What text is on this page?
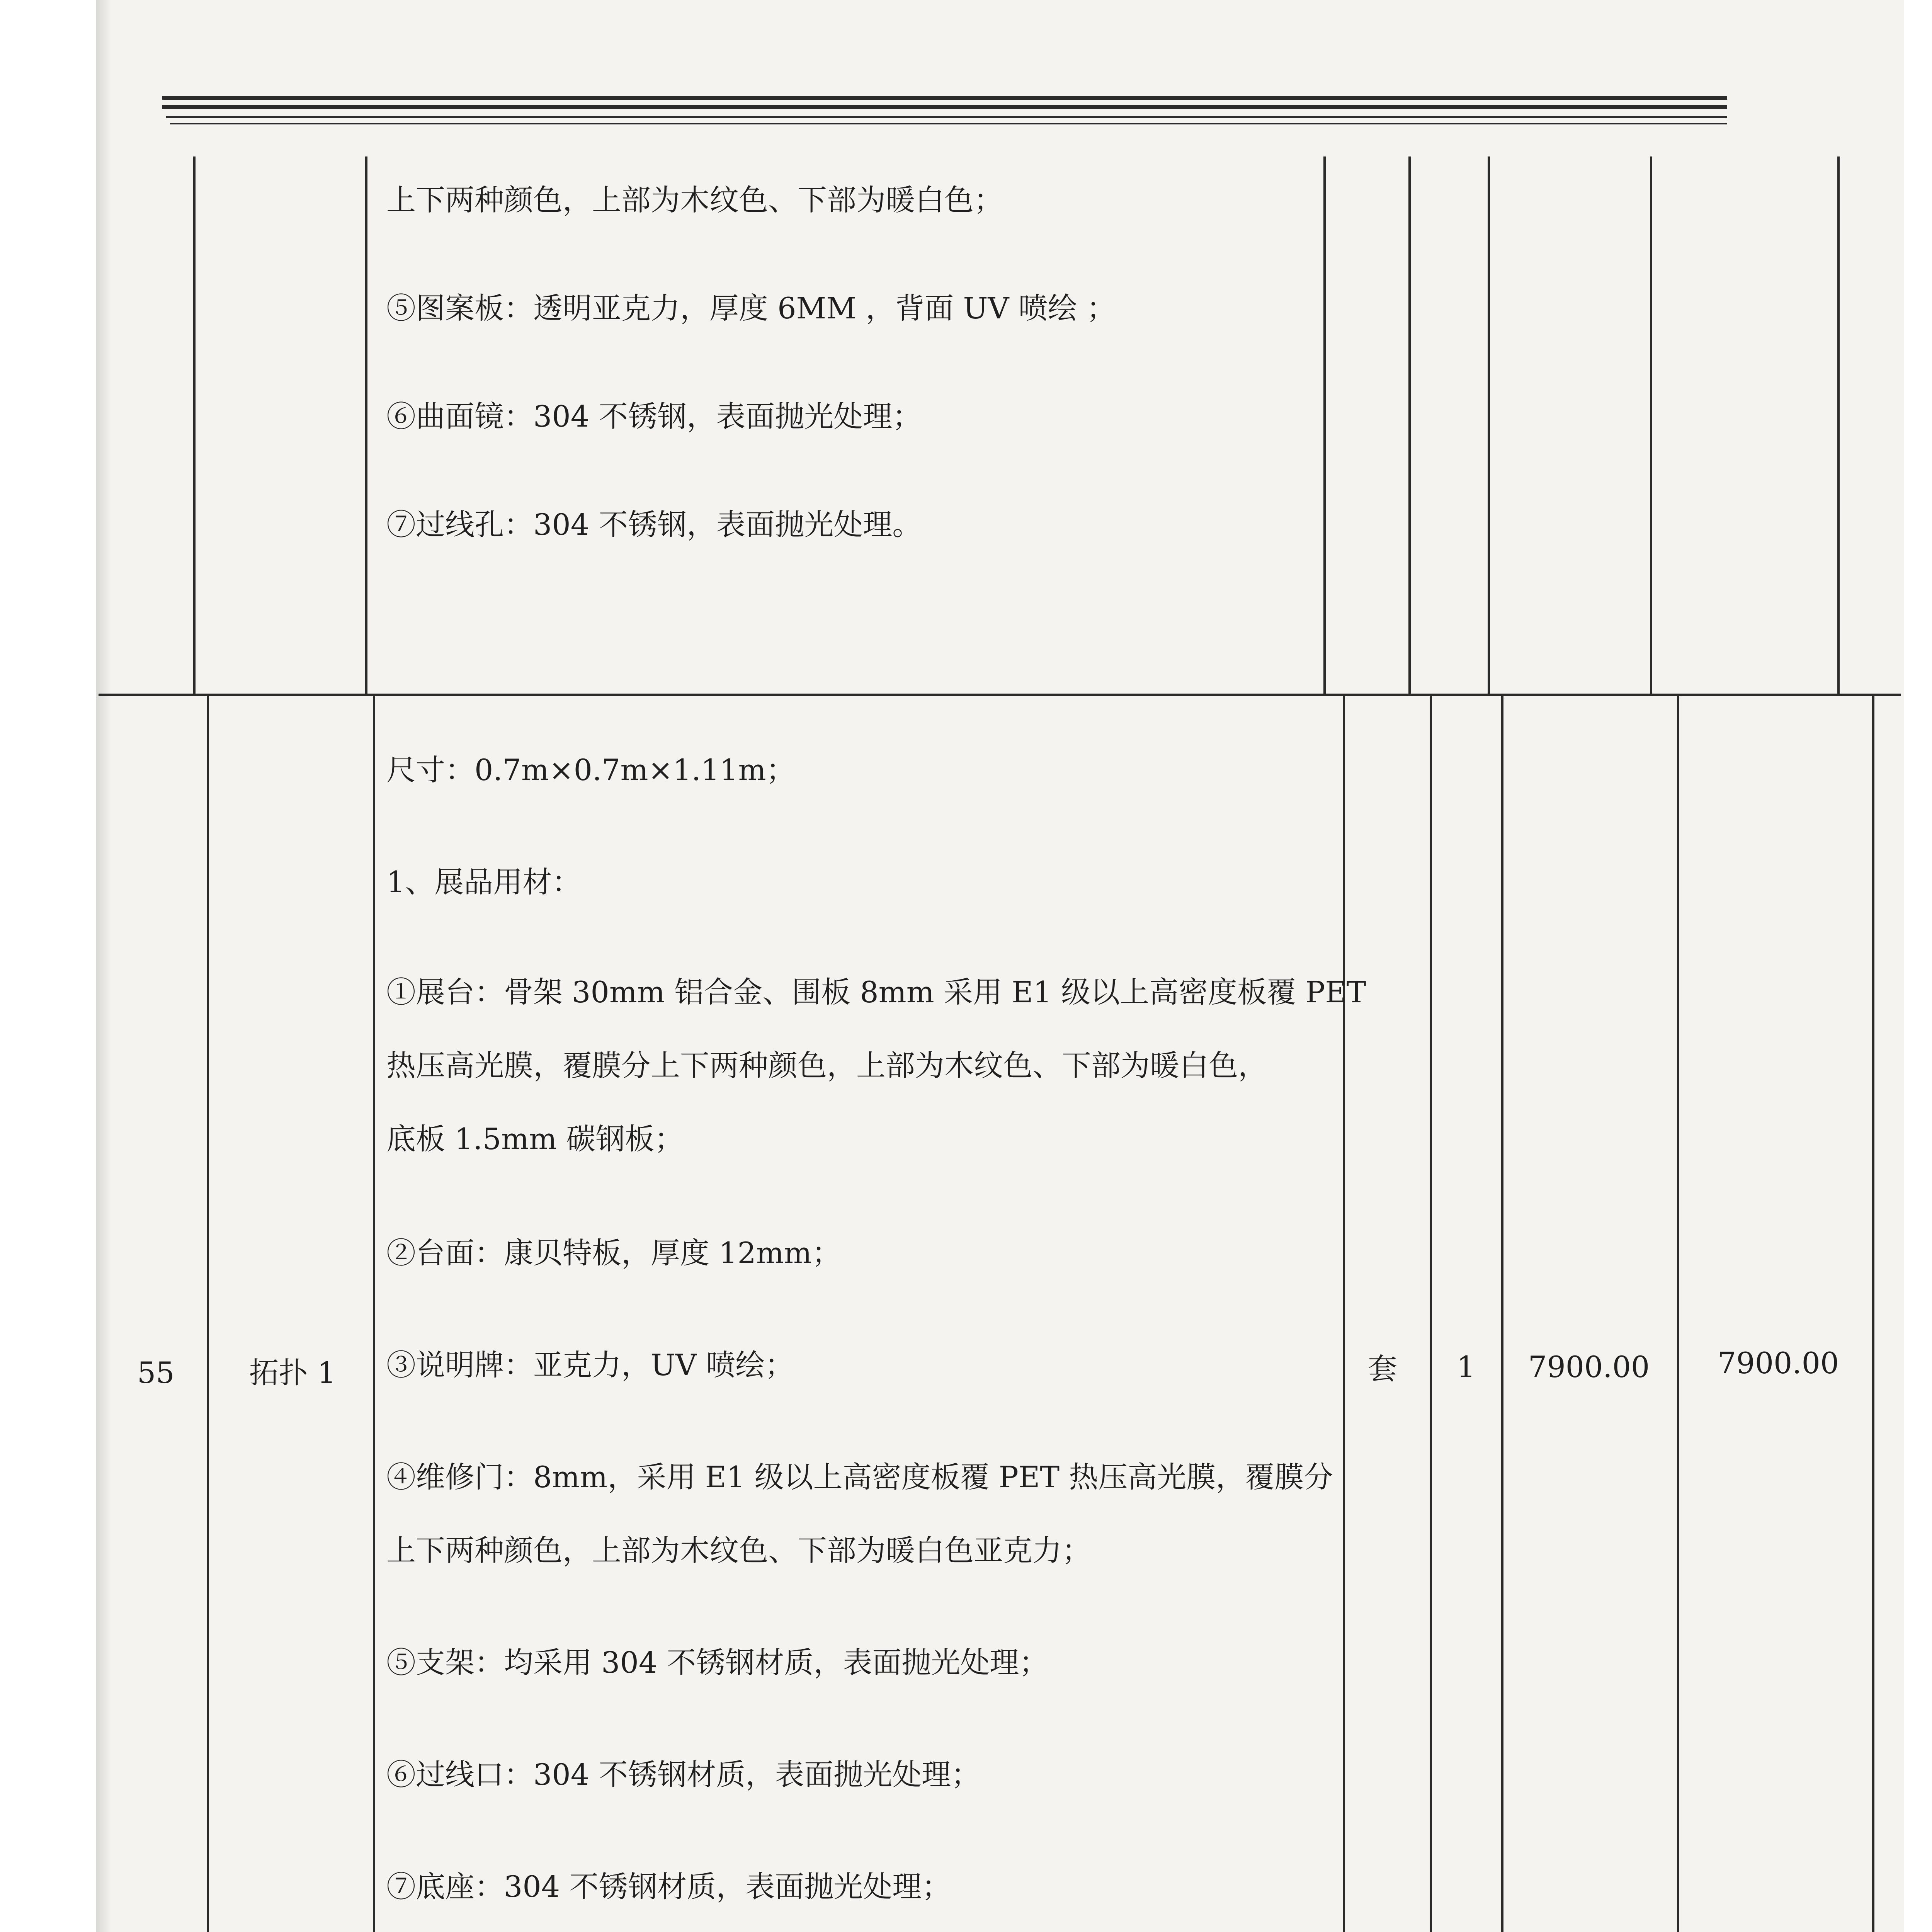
上下两种颜色，上部为木纹色、下部为暖白色；
⑤图案板：透明亚克力，厚度 6MM ，背面 UV 喷绘 ；
⑥曲面镜：304 不锈钢，表面抛光处理；
⑦过线孔：304 不锈钢，表面抛光处理。
55	拓扑 1	套 1 7900.00 7900.00
尺寸：0.7m×0.7m×1.11m；
1、展品用材：
①展台：骨架 30mm 铝合金、围板 8mm 采用 E1 级以上高密度板覆 PET
热压高光膜，覆膜分上下两种颜色，上部为木纹色、下部为暖白色，
底板 1.5mm 碳钢板；
②台面：康贝特板，厚度 12mm；
③说明牌：亚克力，UV 喷绘；
④维修门：8mm，采用 E1 级以上高密度板覆 PET 热压高光膜，覆膜分
上下两种颜色，上部为木纹色、下部为暖白色亚克力；
⑤支架：均采用 304 不锈钢材质，表面抛光处理；
⑥过线口：304 不锈钢材质，表面抛光处理；
⑦底座：304 不锈钢材质，表面抛光处理；
